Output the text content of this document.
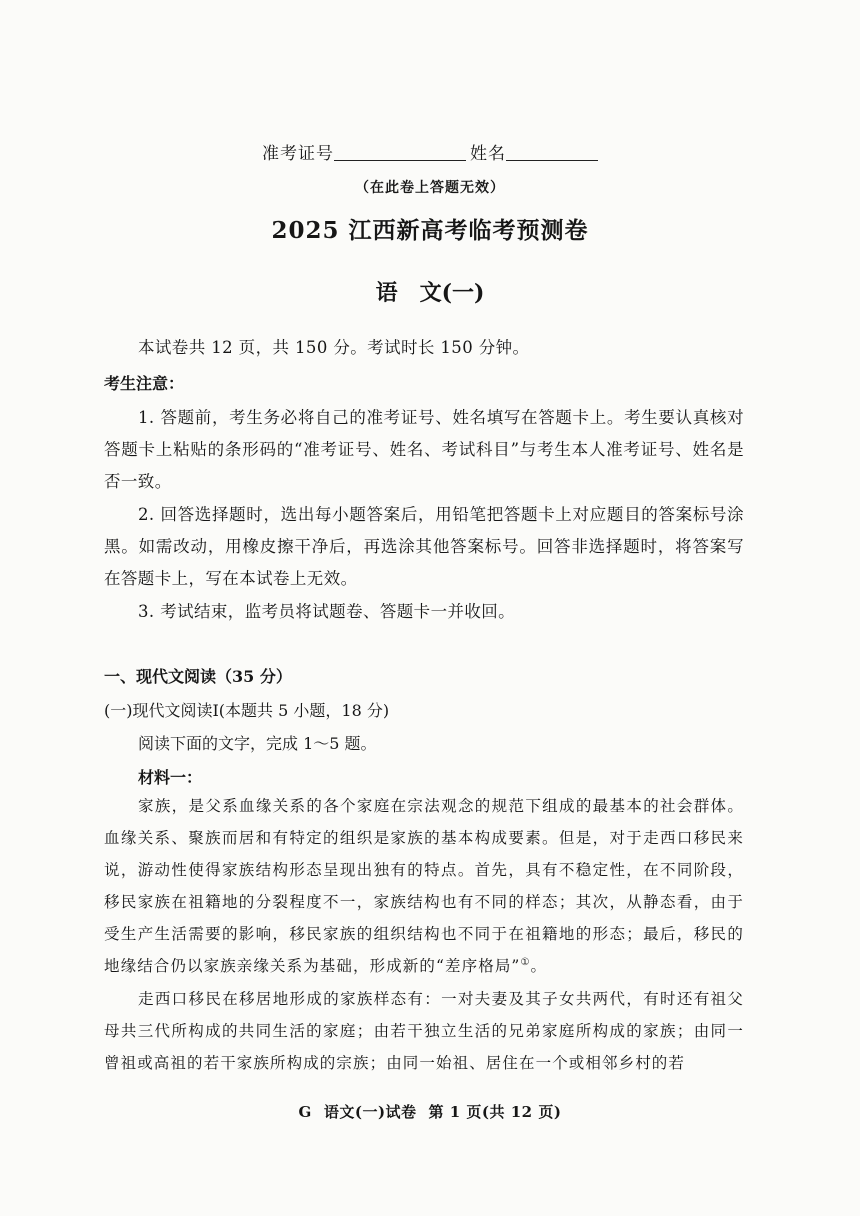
准考证号	姓名
（在此卷上答题无效）
2025 江西新高考临考预测卷
语 文(一)
本试卷共 12 页，共 150 分。考试时长 150 分钟。
考生注意：
1. 答题前，考生务必将自己的准考证号、姓名填写在答题卡上。考生要认真核对答题卡上粘贴的条形码的“准考证号、姓名、考试科目”与考生本人准考证号、姓名是否一致。
2. 回答选择题时，选出每小题答案后，用铅笔把答题卡上对应题目的答案标号涂黑。如需改动，用橡皮擦干净后，再选涂其他答案标号。回答非选择题时，将答案写在答题卡上，写在本试卷上无效。
3. 考试结束，监考员将试题卷、答题卡一并收回。
一、现代文阅读（35 分）
(一)现代文阅读Ⅰ(本题共 5 小题，18 分)
阅读下面的文字，完成 1～5 题。
材料一：
家族，是父系血缘关系的各个家庭在宗法观念的规范下组成的最基本的社会群体。血缘关系、聚族而居和有特定的组织是家族的基本构成要素。但是，对于走西口移民来说，游动性使得家族结构形态呈现出独有的特点。首先，具有不稳定性，在不同阶段，移民家族在祖籍地的分裂程度不一，家族结构也有不同的样态；其次，从静态看，由于受生产生活需要的影响，移民家族的组织结构也不同于在祖籍地的形态；最后，移民的地缘结合仍以家族亲缘关系为基础，形成新的“差序格局”①。
走西口移民在移居地形成的家族样态有：一对夫妻及其子女共两代，有时还有祖父母共三代所构成的共同生活的家庭；由若干独立生活的兄弟家庭所构成的家族；由同一曾祖或高祖的若干家族所构成的宗族；由同一始祖、居住在一个或相邻乡村的若
G 语文(一)试卷 第 1 页(共 12 页)
